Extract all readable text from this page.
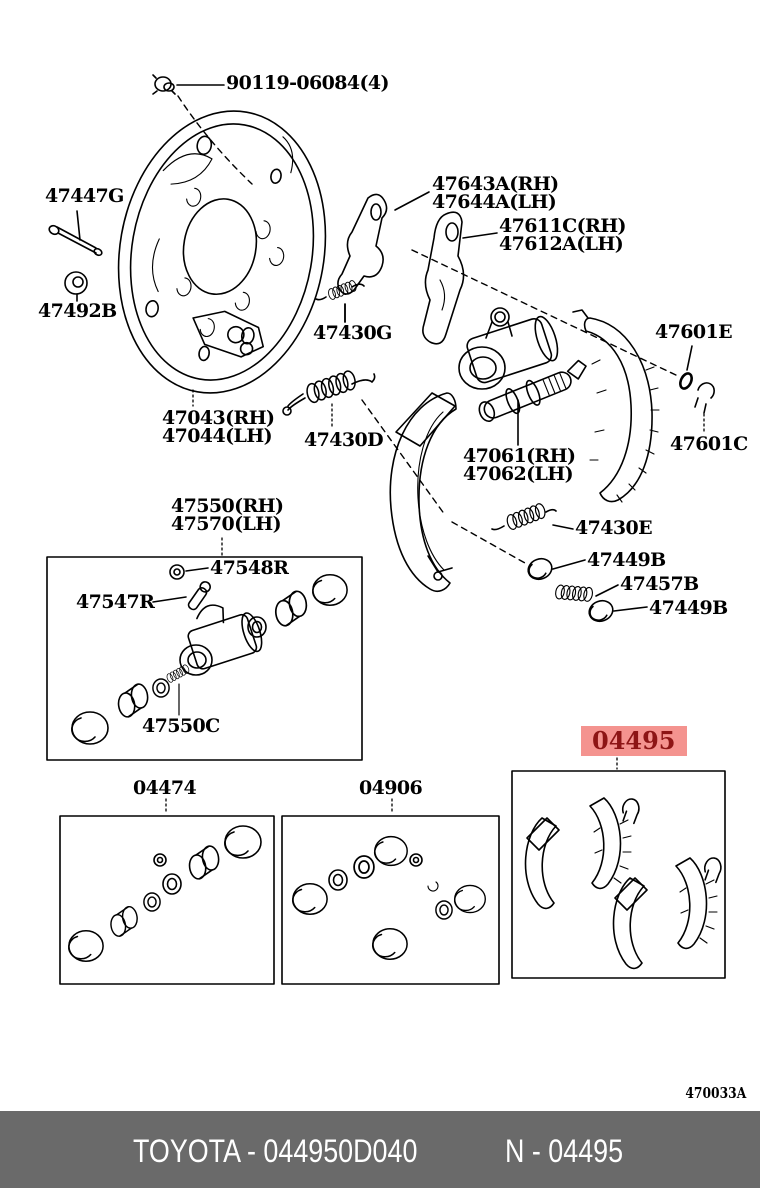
90119-06084(4)
47447G
47492B
47043(RH)
47044(LH)
47430G
47643A(RH)
47644A(LH)
47611C(RH)
47612A(LH)
47430D
47061(RH)
47062(LH)
47601E
47601C
47550(RH)
47570(LH)
47548R
47547R
47550C
47430E
47449B
47457B
47449B
04474	04906
04495
470033A
TOYOTA - 044950D040	N - 04495
